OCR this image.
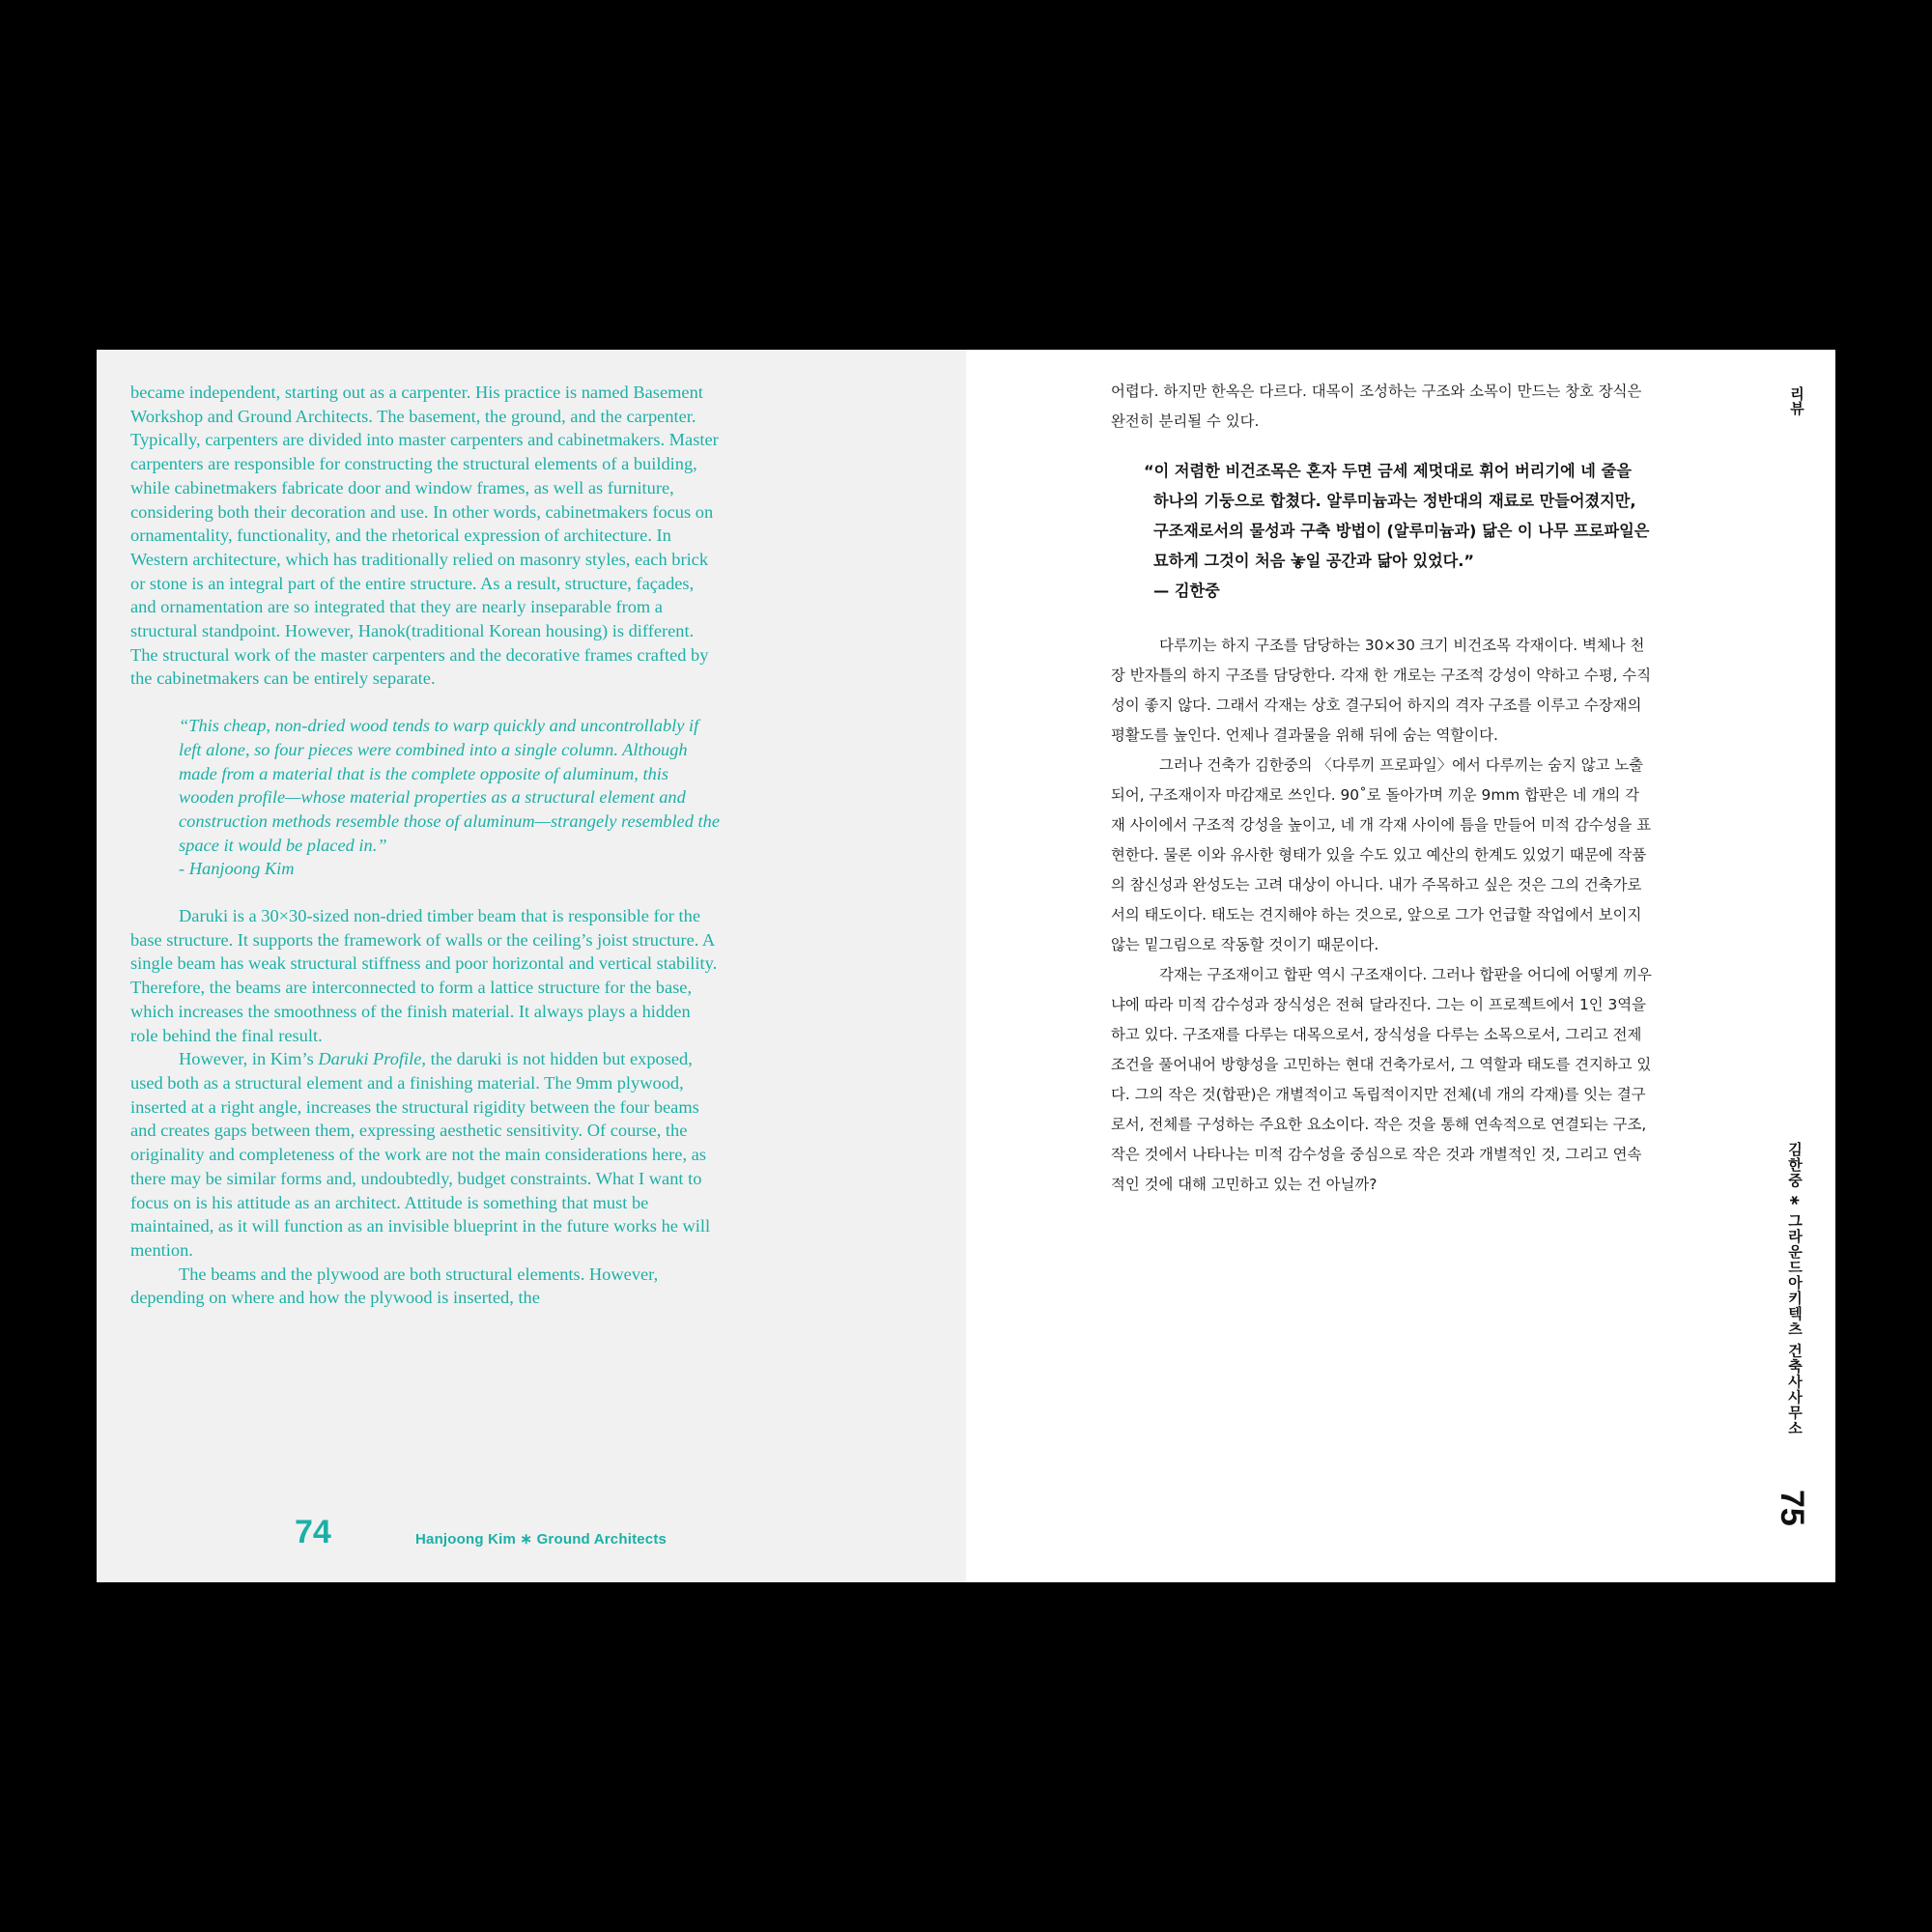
became independent, starting out as a carpenter. His practice is named Basement Workshop and Ground Architects. The basement, the ground, and the carpenter. Typically, carpenters are divided into master carpenters and cabinetmakers. Master carpenters are responsible for constructing the structural elements of a building, while cabinetmakers fabricate door and window frames, as well as furniture, considering both their decoration and use. In other words, cabinetmakers focus on ornamentality, functionality, and the rhetorical expression of architecture. In Western architecture, which has traditionally relied on masonry styles, each brick or stone is an integral part of the entire structure. As a result, structure, façades, and ornamentation are so integrated that they are nearly inseparable from a structural standpoint. However, Hanok(traditional Korean housing) is different. The structural work of the master carpenters and the decorative frames crafted by the cabinetmakers can be entirely separate.

“This cheap, non-dried wood tends to warp quickly and uncontrollably if left alone, so four pieces were combined into a single column. Although made from a material that is the complete opposite of aluminum, this wooden profile—whose material properties as a structural element and construction methods resemble those of aluminum—strangely resembled the space it would be placed in.”

- Hanjoong Kim

Daruki is a 30×30-sized non-dried timber beam that is responsible for the base structure. It supports the framework of walls or the ceiling’s joist structure. A single beam has weak structural stiffness and poor horizontal and vertical stability. Therefore, the beams are interconnected to form a lattice structure for the base, which increases the smoothness of the finish material. It always plays a hidden role behind the final result.

However, in Kim’s Daruki Profile, the daruki is not hidden but exposed, used both as a structural element and a finishing material. The 9mm plywood, inserted at a right angle, increases the structural rigidity between the four beams and creates gaps between them, expressing aesthetic sensitivity. Of course, the originality and completeness of the work are not the main considerations here, as there may be similar forms and, undoubtedly, budget constraints. What I want to focus on is his attitude as an architect. Attitude is something that must be maintained, as it will function as an invisible blueprint in the future works he will mention.

The beams and the plywood are both structural elements. However, depending on where and how the plywood is inserted, the

74	Hanjoong Kim ∗ Ground Architects

어렵다. 하지만 한옥은 다르다. 대목이 조성하는 구조와 소목이 만드는 창호 장식은 완전히 분리될 수 있다.

“이 저렴한 비건조목은 혼자 두면 금세 제멋대로 휘어 버리기에 네 줄을 하나의 기둥으로 합쳤다. 알루미늄과는 정반대의 재료로 만들어졌지만, 구조재로서의 물성과 구축 방법이 (알루미늄과) 닮은 이 나무 프로파일은 묘하게 그것이 처음 놓일 공간과 닮아 있었다.”

— 김한중

다루끼는 하지 구조를 담당하는 30×30 크기 비건조목 각재이다. 벽체나 천장 반자틀의 하지 구조를 담당한다. 각재 한 개로는 구조적 강성이 약하고 수평, 수직성이 좋지 않다. 그래서 각재는 상호 결구되어 하지의 격자 구조를 이루고 수장재의 평활도를 높인다. 언제나 결과물을 위해 뒤에 숨는 역할이다.

그러나 건축가 김한중의 〈다루끼 프로파일〉에서 다루끼는 숨지 않고 노출되어, 구조재이자 마감재로 쓰인다. 90˚로 돌아가며 끼운 9mm 합판은 네 개의 각재 사이에서 구조적 강성을 높이고, 네 개 각재 사이에 틈을 만들어 미적 감수성을 표현한다. 물론 이와 유사한 형태가 있을 수도 있고 예산의 한계도 있었기 때문에 작품의 참신성과 완성도는 고려 대상이 아니다. 내가 주목하고 싶은 것은 그의 건축가로서의 태도이다. 태도는 견지해야 하는 것으로, 앞으로 그가 언급할 작업에서 보이지 않는 밑그림으로 작동할 것이기 때문이다.

각재는 구조재이고 합판 역시 구조재이다. 그러나 합판을 어디에 어떻게 끼우냐에 따라 미적 감수성과 장식성은 전혀 달라진다. 그는 이 프로젝트에서 1인 3역을 하고 있다. 구조재를 다루는 대목으로서, 장식성을 다루는 소목으로서, 그리고 전제 조건을 풀어내어 방향성을 고민하는 현대 건축가로서, 그 역할과 태도를 견지하고 있다. 그의 작은 것(합판)은 개별적이고 독립적이지만 전체(네 개의 각재)를 잇는 결구로서, 전체를 구성하는 주요한 요소이다. 작은 것을 통해 연속적으로 연결되는 구조, 작은 것에서 나타나는 미적 감수성을 중심으로 작은 것과 개별적인 것, 그리고 연속적인 것에 대해 고민하고 있는 건 아닐까?

리뷰
김한중 ∗ 그라운드아키텍츠 건축사사무소
75
